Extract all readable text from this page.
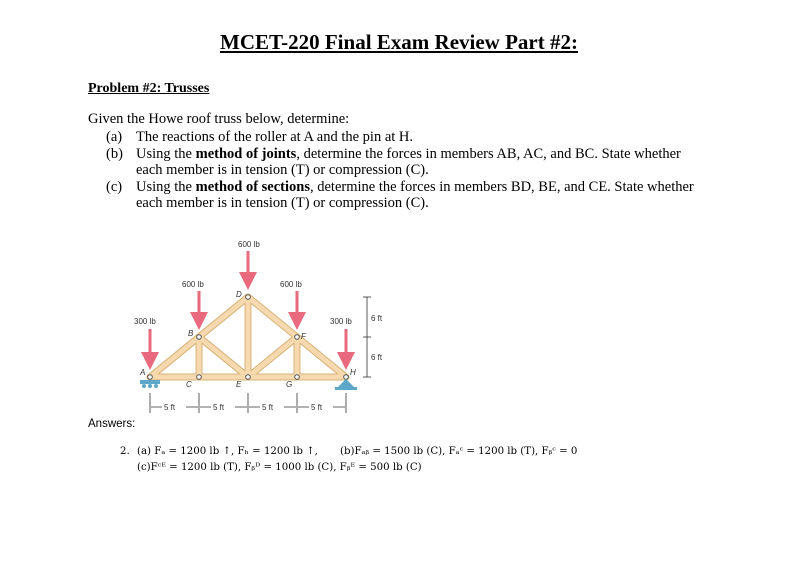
MCET-220 Final Exam Review Part #2:
Problem #2: Trusses
Given the Howe roof truss below, determine:
(a) The reactions of the roller at A and the pin at H.
(b) Using the method of joints, determine the forces in members AB, AC, and BC. State whether
each member is in tension (T) or compression (C).
(c) Using the method of sections, determine the forces in members BD, BE, and CE. State whether
each member is in tension (T) or compression (C).
600 lb
600 lb	600 lb
300 lb	300 lb
A
B
C
D
E
F
G
H
5 ft	5 ft	5 ft	5 ft
6 ft
6 ft
Answers:
2. (a) Fₐ = 1200 lb ↑, Fₕ = 1200 lb ↑, (b)Fₐᵦ = 1500 lb (C), Fₐᶜ = 1200 lb (T), Fᵦᶜ = 0
(c)Fᶜᴱ = 1200 lb (T), Fᵦᴰ = 1000 lb (C), Fᵦᴱ = 500 lb (C)
